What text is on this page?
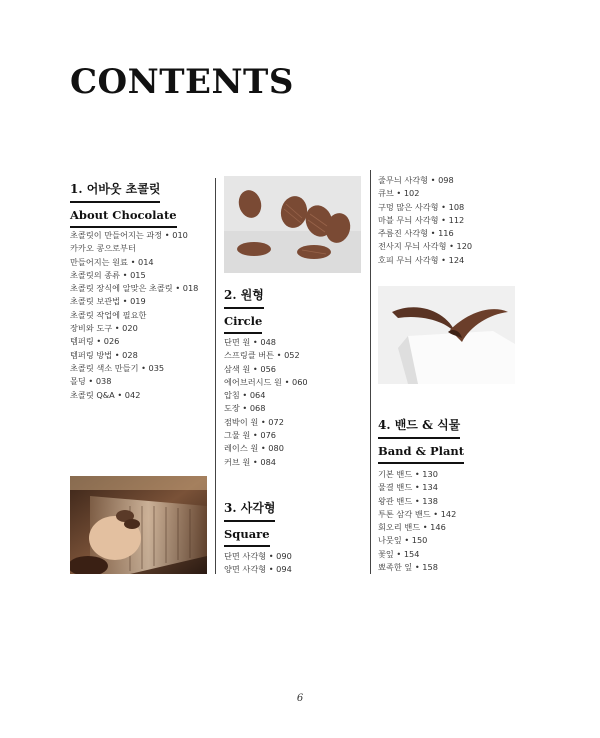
CONTENTS
1. 어바웃 초콜릿
About Chocolate
초콜릿이 만들어지는 과정 • 010
카카오 콩으로부터
만들어지는 원료 • 014
초콜릿의 종류 • 015
초콜릿 장식에 알맞은 초콜릿 • 018
초콜릿 보관법 • 019
초콜릿 작업에 필요한
장비와 도구 • 020
템퍼링 • 026
템퍼링 방법 • 028
초콜릿 색소 만들기 • 035
몰딩 • 038
초콜릿 Q&A • 042
2. 원형
Circle
단면 원 • 048
스프링클 버튼 • 052
삼색 원 • 056
에어브러시드 원 • 060
압침 • 064
도장 • 068
점박이 원 • 072
그물 원 • 076
레이스 원 • 080
커브 원 • 084
3. 사각형
Square
단면 사각형 • 090
양면 사각형 • 094
줄무늬 사각형 • 098
큐브 • 102
구멍 많은 사각형 • 108
마블 무늬 사각형 • 112
주름진 사각형 • 116
전사지 무늬 사각형 • 120
호피 무늬 사각형 • 124
4. 밴드 & 식물
Band & Plant
기본 밴드 • 130
물결 밴드 • 134
왕관 밴드 • 138
투톤 삼각 밴드 • 142
회오리 밴드 • 146
나뭇잎 • 150
꽃잎 • 154
뾰족한 잎 • 158
6
